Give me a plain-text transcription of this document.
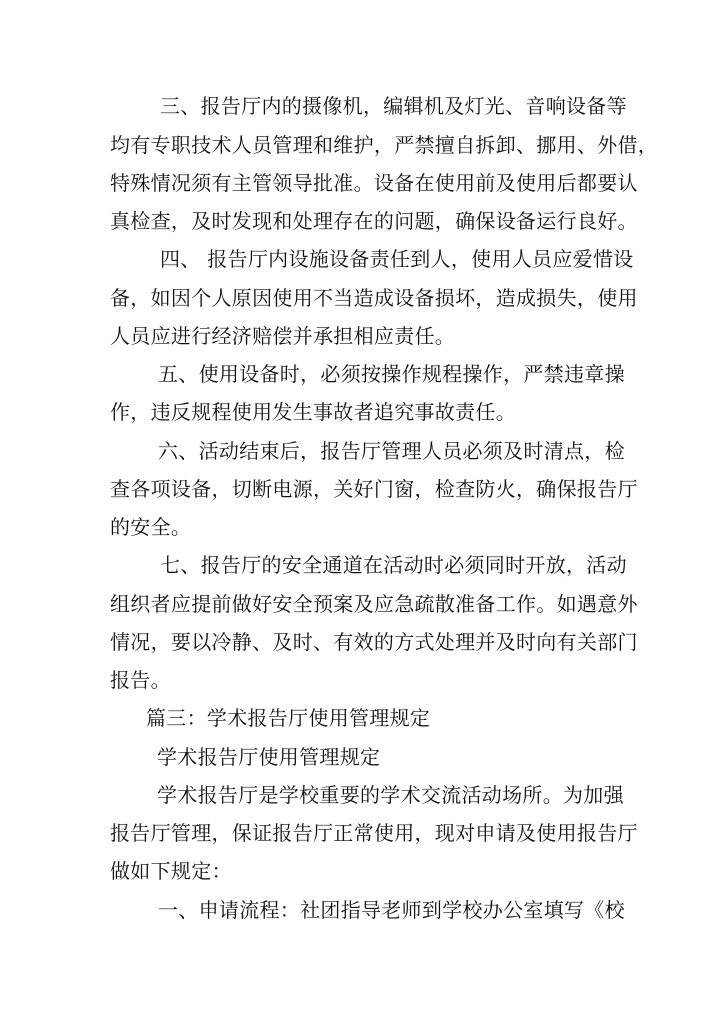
三、报告厅内的摄像机，编辑机及灯光、音响设备等
均有专职技术人员管理和维护，严禁擅自拆卸、挪用、外借，
特殊情况须有主管领导批准。设备在使用前及使用后都要认
真检查，及时发现和处理存在的问题，确保设备运行良好。
四、 报告厅内设施设备责任到人，使用人员应爱惜设
备，如因个人原因使用不当造成设备损坏，造成损失，使用
人员应进行经济赔偿并承担相应责任。
五、使用设备时，必须按操作规程操作，严禁违章操
作，违反规程使用发生事故者追究事故责任。
六、活动结束后，报告厅管理人员必须及时清点，检
查各项设备，切断电源，关好门窗，检查防火，确保报告厅
的安全。
七、报告厅的安全通道在活动时必须同时开放，活动
组织者应提前做好安全预案及应急疏散准备工作。如遇意外
情况，要以冷静、及时、有效的方式处理并及时向有关部门
报告。
篇三：学术报告厅使用管理规定
学术报告厅使用管理规定
学术报告厅是学校重要的学术交流活动场所。为加强
报告厅管理，保证报告厅正常使用，现对申请及使用报告厅
做如下规定：
一、申请流程：社团指导老师到学校办公室填写《校
